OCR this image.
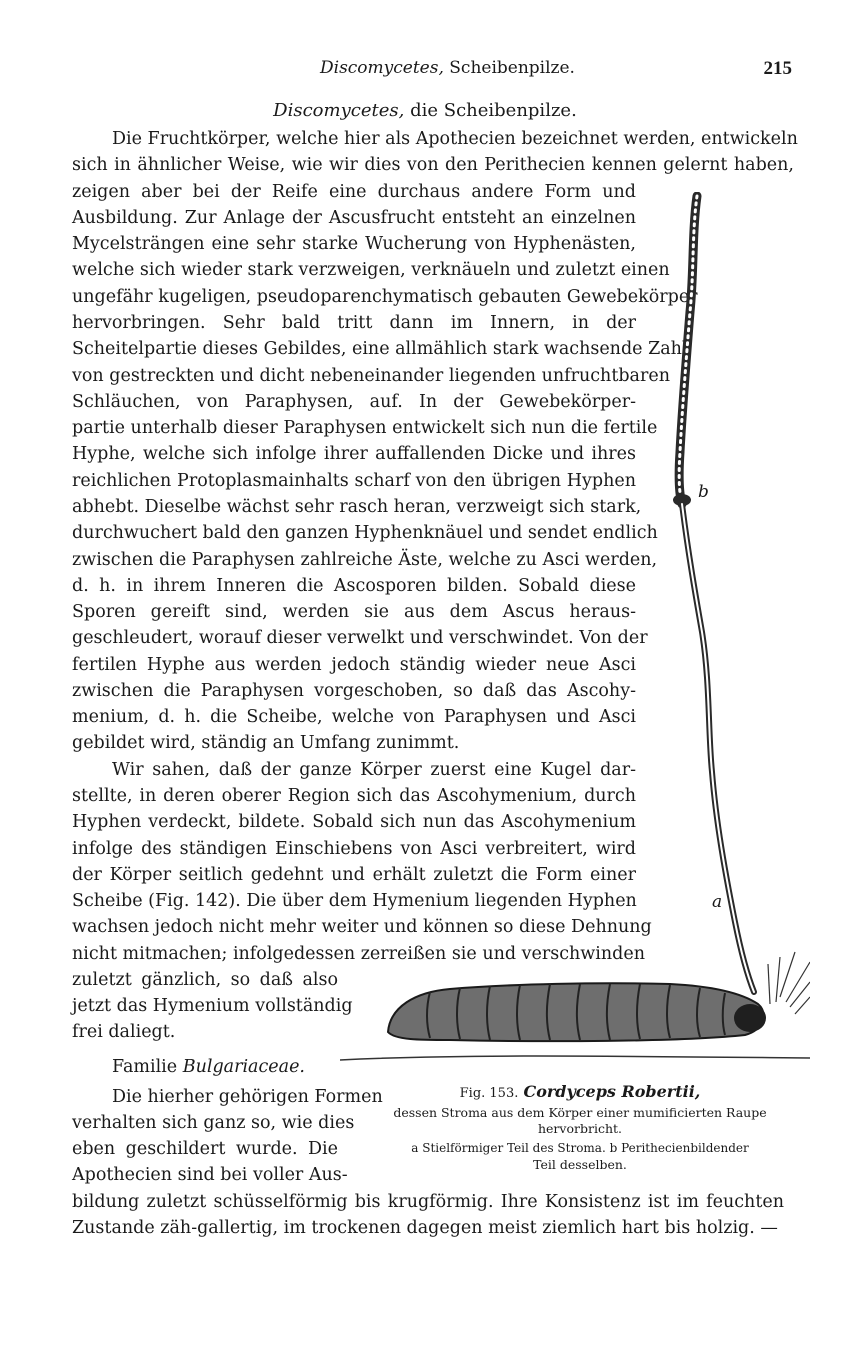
Discomycetes, Scheibenpilze.	215
Discomycetes, die Scheibenpilze.
Die Fruchtkörper, welche hier als Apothecien bezeichnet werden, entwickeln
sich in ähnlicher Weise, wie wir dies von den Perithecien kennen gelernt haben,
zeigen aber bei der Reife eine durchaus andere Form und
Ausbildung. Zur Anlage der Ascusfrucht entsteht an einzelnen
Mycelsträngen eine sehr starke Wucherung von Hyphenästen,
welche sich wieder stark verzweigen, verknäueln und zuletzt einen
ungefähr kugeligen, pseudoparenchymatisch gebauten Gewebekörper
hervorbringen. Sehr bald tritt dann im Innern, in der
Scheitelpartie dieses Gebildes, eine allmählich stark wachsende Zahl
von gestreckten und dicht nebeneinander liegenden unfruchtbaren
Schläuchen, von Paraphysen, auf. In der Gewebekörper-
partie unterhalb dieser Paraphysen entwickelt sich nun die fertile
Hyphe, welche sich infolge ihrer auffallenden Dicke und ihres
reichlichen Protoplasmainhalts scharf von den übrigen Hyphen
abhebt. Dieselbe wächst sehr rasch heran, verzweigt sich stark,
durchwuchert bald den ganzen Hyphenknäuel und sendet endlich
zwischen die Paraphysen zahlreiche Äste, welche zu Asci werden,
d. h. in ihrem Inneren die Ascosporen bilden. Sobald diese
Sporen gereift sind, werden sie aus dem Ascus heraus-
geschleudert, worauf dieser verwelkt und verschwindet. Von der
fertilen Hyphe aus werden jedoch ständig wieder neue Asci
zwischen die Paraphysen vorgeschoben, so daß das Ascohy-
menium, d. h. die Scheibe, welche von Paraphysen und Asci
gebildet wird, ständig an Umfang zunimmt.
Wir sahen, daß der ganze Körper zuerst eine Kugel dar-
stellte, in deren oberer Region sich das Ascohymenium, durch
Hyphen verdeckt, bildete. Sobald sich nun das Ascohymenium
infolge des ständigen Einschiebens von Asci verbreitert, wird
der Körper seitlich gedehnt und erhält zuletzt die Form einer
Scheibe (Fig. 142). Die über dem Hymenium liegenden Hyphen
wachsen jedoch nicht mehr weiter und können so diese Dehnung
nicht mitmachen; infolgedessen zerreißen sie und verschwinden
zuletzt gänzlich, so daß also
jetzt das Hymenium vollständig
frei daliegt.
Familie Bulgariaceae.
Die hierher gehörigen Formen
verhalten sich ganz so, wie dies
eben geschildert wurde. Die
Apothecien sind bei voller Aus-
bildung zuletzt schüsselförmig bis krugförmig. Ihre Konsistenz ist im feuchten
Zustande zäh-gallertig, im trockenen dagegen meist ziemlich hart bis holzig. —
b
a
Fig. 153. Cordyceps Robertii,
dessen Stroma aus dem Körper einer mumificierten Raupe
hervorbricht.
a Stielförmiger Teil des Stroma. b Perithecienbildender
Teil desselben.
